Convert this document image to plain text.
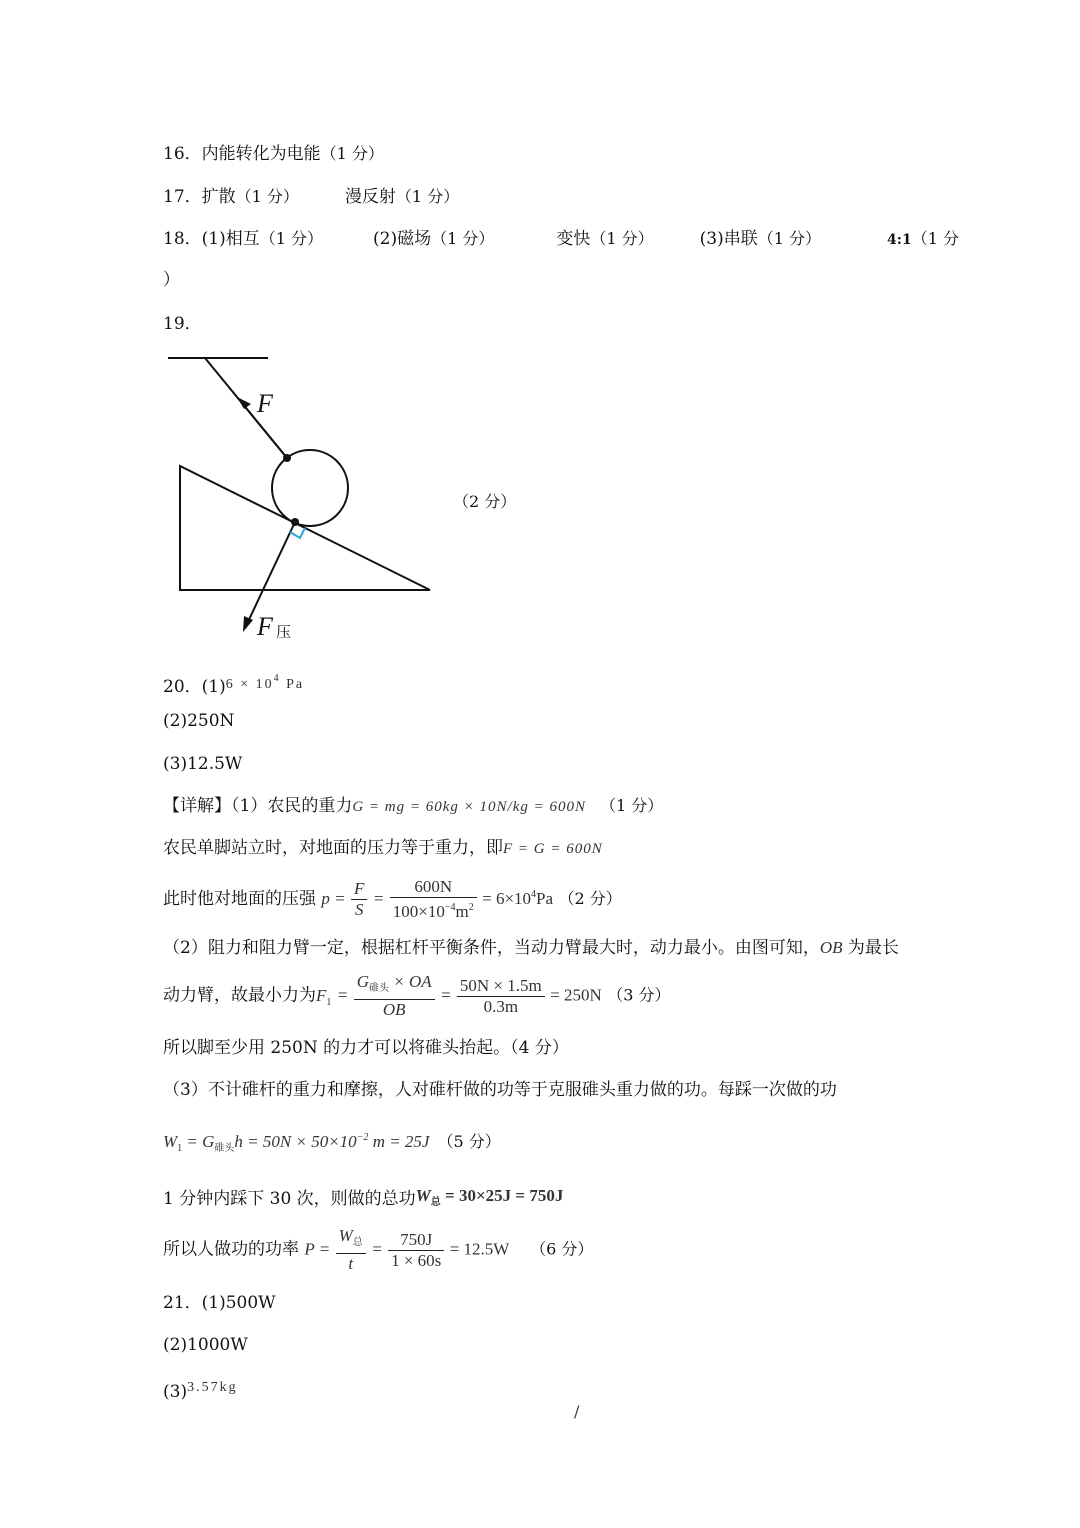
16．内能转化为电能（1 分）
17．扩散（1 分）	漫反射（1 分）
18．(1)相互（1 分）	(2)磁场（1 分）	变快（1 分）	(3)串联（1 分）	4:1（1 分
）
19．
F
F 压
（2 分）
20．$(1)^{6 \times 10^4 Pa}$
(2)250N
(3)12.5W
【详解】（1）农民的重力G = mg = 60kg × 10N/kg = 600N （1 分）
农民单脚站立时，对地面的压力等于重力，即F = G = 600N
此时他对地面的压强 $p = \frac{F}{S} = \frac{600N}{100\times 10^{-4}m^2} = 6\times 10^4Pa$ （2 分）
（2）阻力和阻力臂一定，根据杠杆平衡条件，当动力臂最大时，动力最小。由图可知，OB 为最长
动力臂，故最小力为$F_1$ =
$G_{碓头}$ × OA
OB
= $\frac{50N \times 1.5m}{0.3m} = 250N$ （3 分）
所以脚至少用 250N 的力才可以将碓头抬起。（4 分）
（3）不计碓杆的重力和摩擦，人对碓杆做的功等于克服碓头重力做的功。每踩一次做的功
$W_1 = G_{碓头}h = 50N \times 50\times 10^{-2}$ m = 25J （5 分）
1 分钟内踩下 30 次，则做的总功$W_总 = 30\times 25J = 750J$
所以人做功的功率 P =
$W_总$
t
= $\frac{750J}{1 \times 60s} = 12.5W$ （6 分）
21．(1)500W
(2)1000W
$(3)^{3.57kg}$
/
